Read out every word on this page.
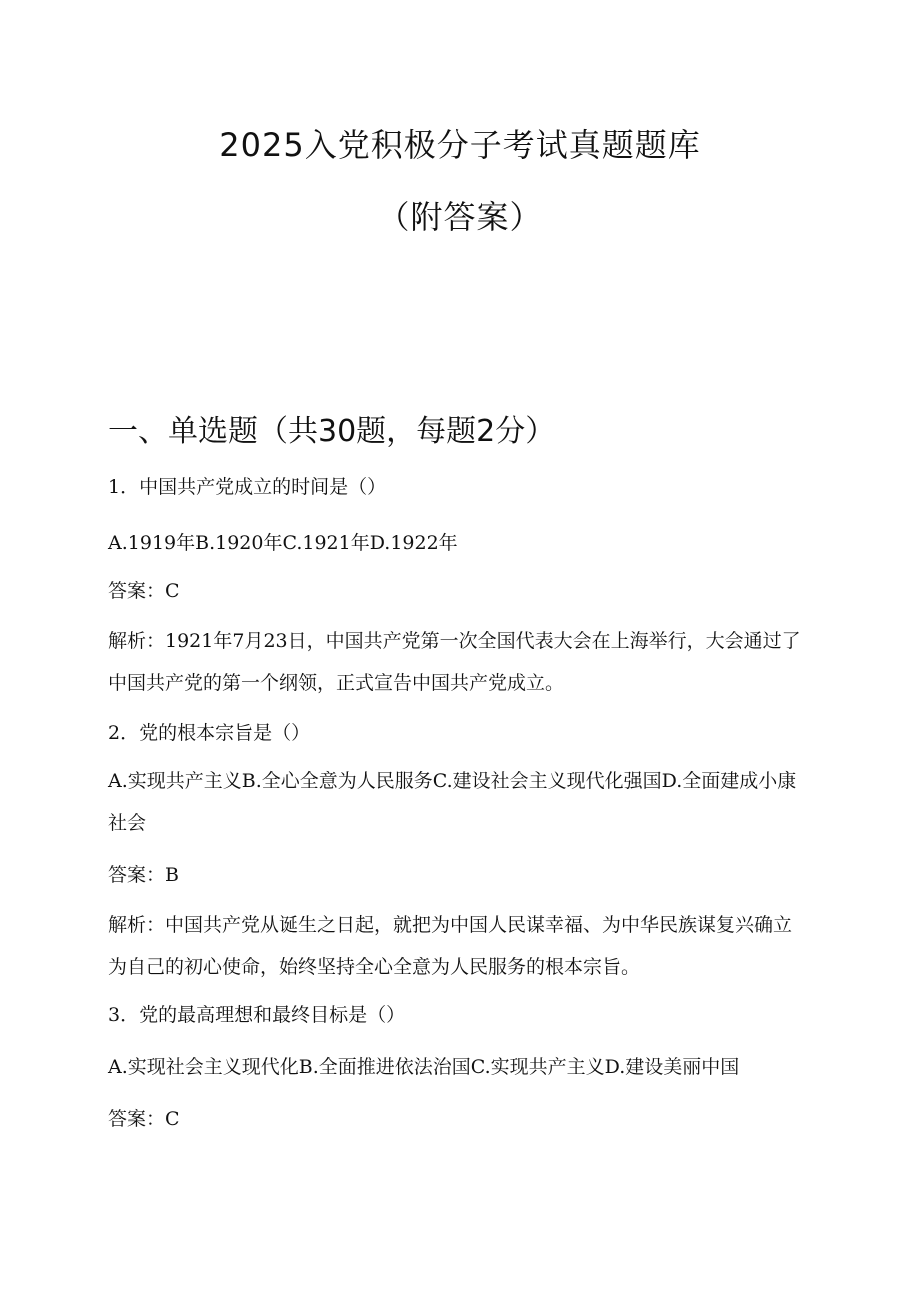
2025入党积极分子考试真题题库
（附答案）
一、单选题（共30题，每题2分）
1．中国共产党成立的时间是（）
A.1919年B.1920年C.1921年D.1922年
答案：C
解析：1921年7月23日，中国共产党第一次全国代表大会在上海举行，大会通过了中国共产党的第一个纲领，正式宣告中国共产党成立。
2．党的根本宗旨是（）
A.实现共产主义B.全心全意为人民服务C.建设社会主义现代化强国D.全面建成小康社会
答案：B
解析：中国共产党从诞生之日起，就把为中国人民谋幸福、为中华民族谋复兴确立为自己的初心使命，始终坚持全心全意为人民服务的根本宗旨。
3．党的最高理想和最终目标是（）
A.实现社会主义现代化B.全面推进依法治国C.实现共产主义D.建设美丽中国
答案：C
